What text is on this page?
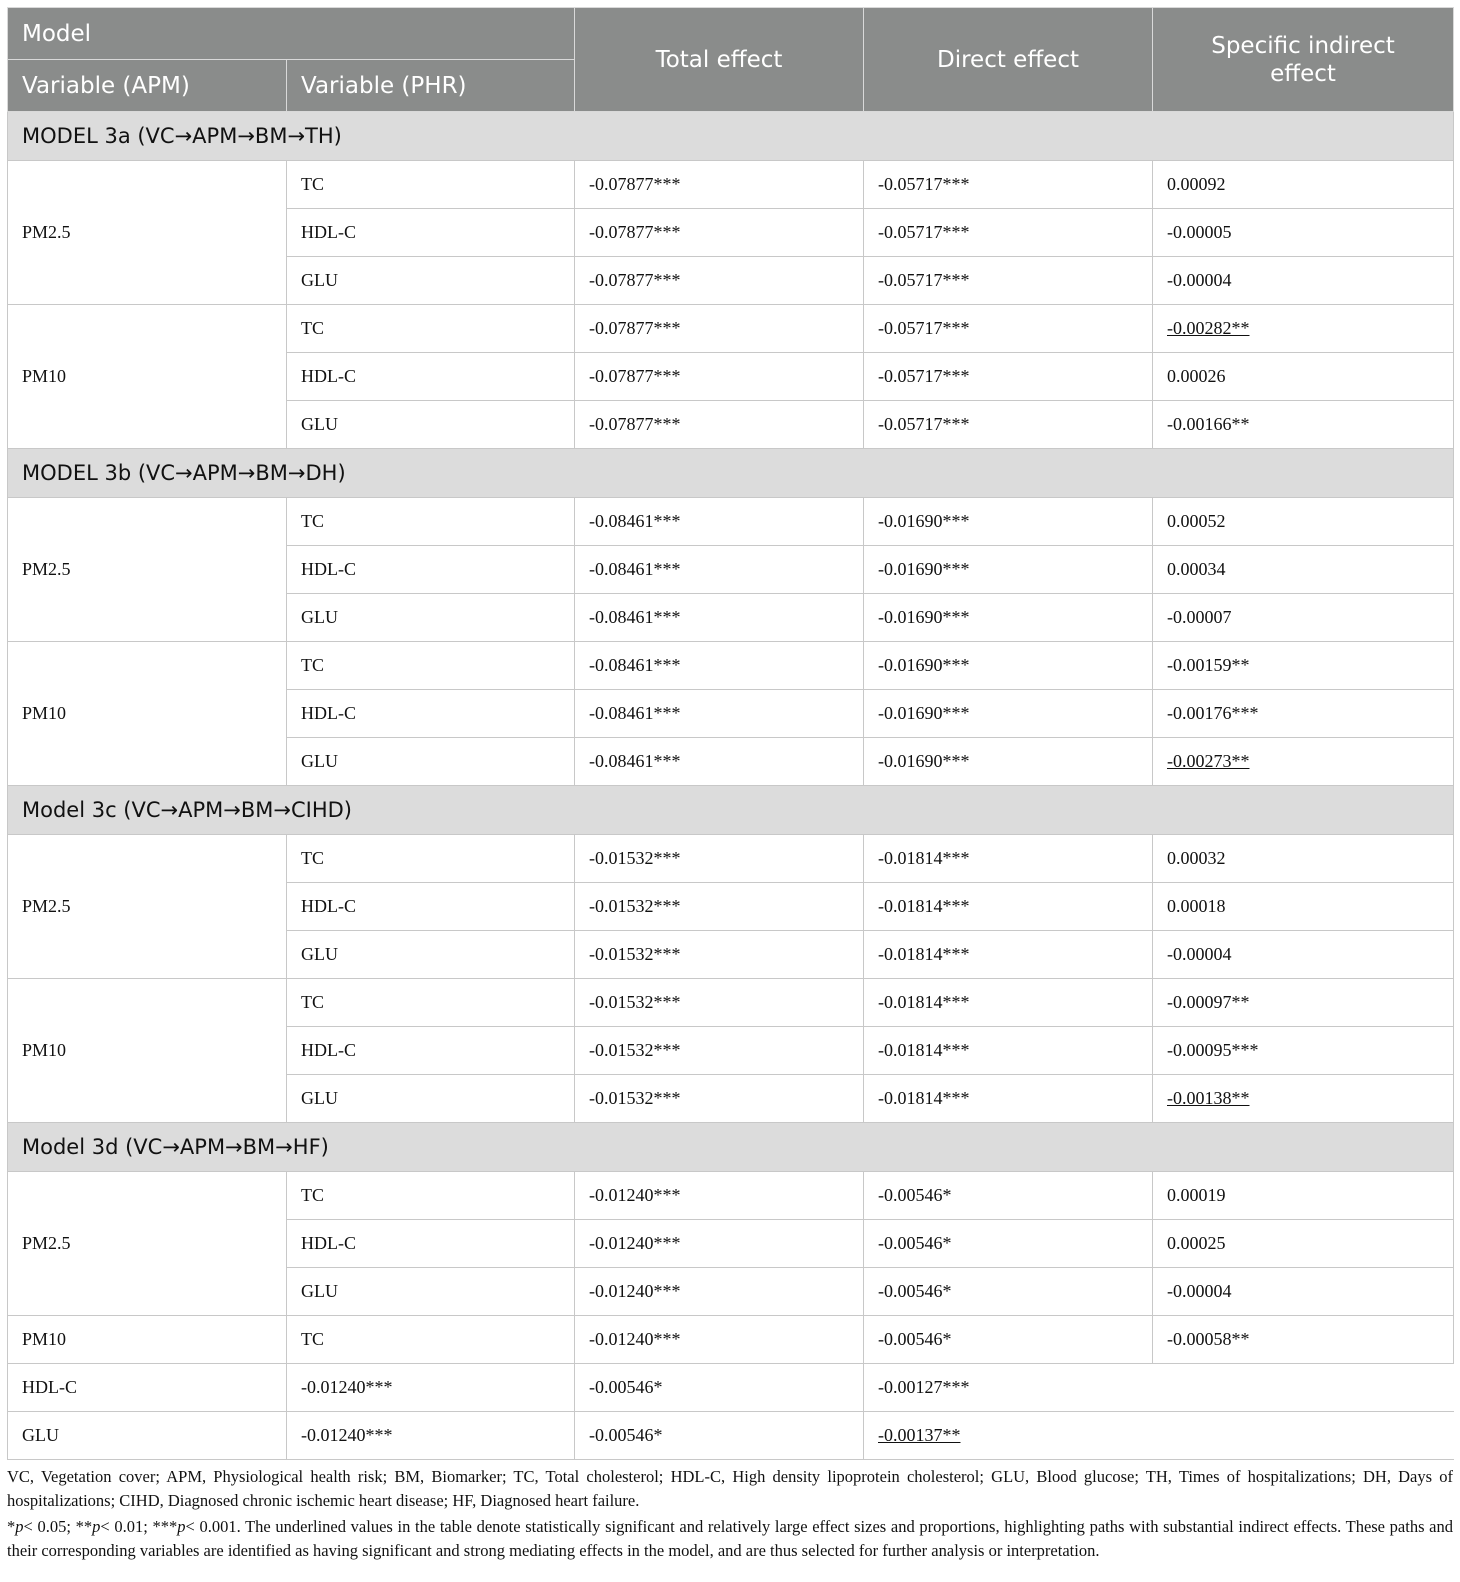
Model		Total effect	Direct effect	Specific indirect
effect
Variable (APM)	Variable (PHR)			
MODEL 3a (VC→APM→BM→TH)				
PM2.5	TC	-0.07877***	-0.05717***	0.00092
	HDL-C	-0.07877***	-0.05717***	-0.00005
	GLU	-0.07877***	-0.05717***	-0.00004
PM10	TC	-0.07877***	-0.05717***	-0.00282**
	HDL-C	-0.07877***	-0.05717***	0.00026
	GLU	-0.07877***	-0.05717***	-0.00166**
MODEL 3b (VC→APM→BM→DH)				
PM2.5	TC	-0.08461***	-0.01690***	0.00052
	HDL-C	-0.08461***	-0.01690***	0.00034
	GLU	-0.08461***	-0.01690***	-0.00007
PM10	TC	-0.08461***	-0.01690***	-0.00159**
	HDL-C	-0.08461***	-0.01690***	-0.00176***
	GLU	-0.08461***	-0.01690***	-0.00273**
Model 3c (VC→APM→BM→CIHD)				
PM2.5	TC	-0.01532***	-0.01814***	0.00032
	HDL-C	-0.01532***	-0.01814***	0.00018
	GLU	-0.01532***	-0.01814***	-0.00004
PM10	TC	-0.01532***	-0.01814***	-0.00097**
	HDL-C	-0.01532***	-0.01814***	-0.00095***
	GLU	-0.01532***	-0.01814***	-0.00138**
Model 3d (VC→APM→BM→HF)				
PM2.5	TC	-0.01240***	-0.00546*	0.00019
	HDL-C	-0.01240***	-0.00546*	0.00025
	GLU	-0.01240***	-0.00546*	-0.00004
PM10	TC	-0.01240***	-0.00546*	-0.00058**
HDL-C	-0.01240***	-0.00546*	-0.00127***	
GLU	-0.01240***	-0.00546*	-0.00137**	

VC, Vegetation cover; APM, Physiological health risk; BM, Biomarker; TC, Total cholesterol; HDL-C, High density lipoprotein cholesterol; GLU, Blood glucose; TH, Times of hospitalizations; DH, Days of hospitalizations; CIHD, Diagnosed chronic ischemic heart disease; HF, Diagnosed heart failure.

*p< 0.05; **p< 0.01; ***p< 0.001. The underlined values in the table denote statistically significant and relatively large effect sizes and proportions, highlighting paths with substantial indirect effects. These paths and their corresponding variables are identified as having significant and strong mediating effects in the model, and are thus selected for further analysis or interpretation.
